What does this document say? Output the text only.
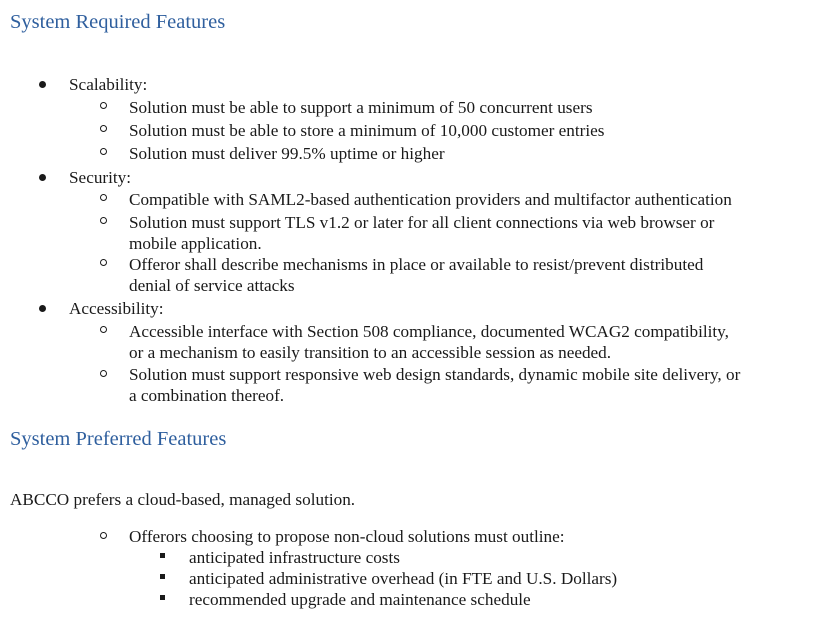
System Required Features
Scalability:
Solution must be able to support a minimum of 50 concurrent users
Solution must be able to store a minimum of 10,000 customer entries
Solution must deliver 99.5% uptime or higher
Security:
Compatible with SAML2-based authentication providers and multifactor authentication
Solution must support TLS v1.2 or later for all client connections via web browser or
mobile application.
Offeror shall describe mechanisms in place or available to resist/prevent distributed
denial of service attacks
Accessibility:
Accessible interface with Section 508 compliance, documented WCAG2 compatibility,
or a mechanism to easily transition to an accessible session as needed.
Solution must support responsive web design standards, dynamic mobile site delivery, or
a combination thereof.
System Preferred Features
ABCCO prefers a cloud-based, managed solution.
Offerors choosing to propose non-cloud solutions must outline:
anticipated infrastructure costs
anticipated administrative overhead (in FTE and U.S. Dollars)
recommended upgrade and maintenance schedule
